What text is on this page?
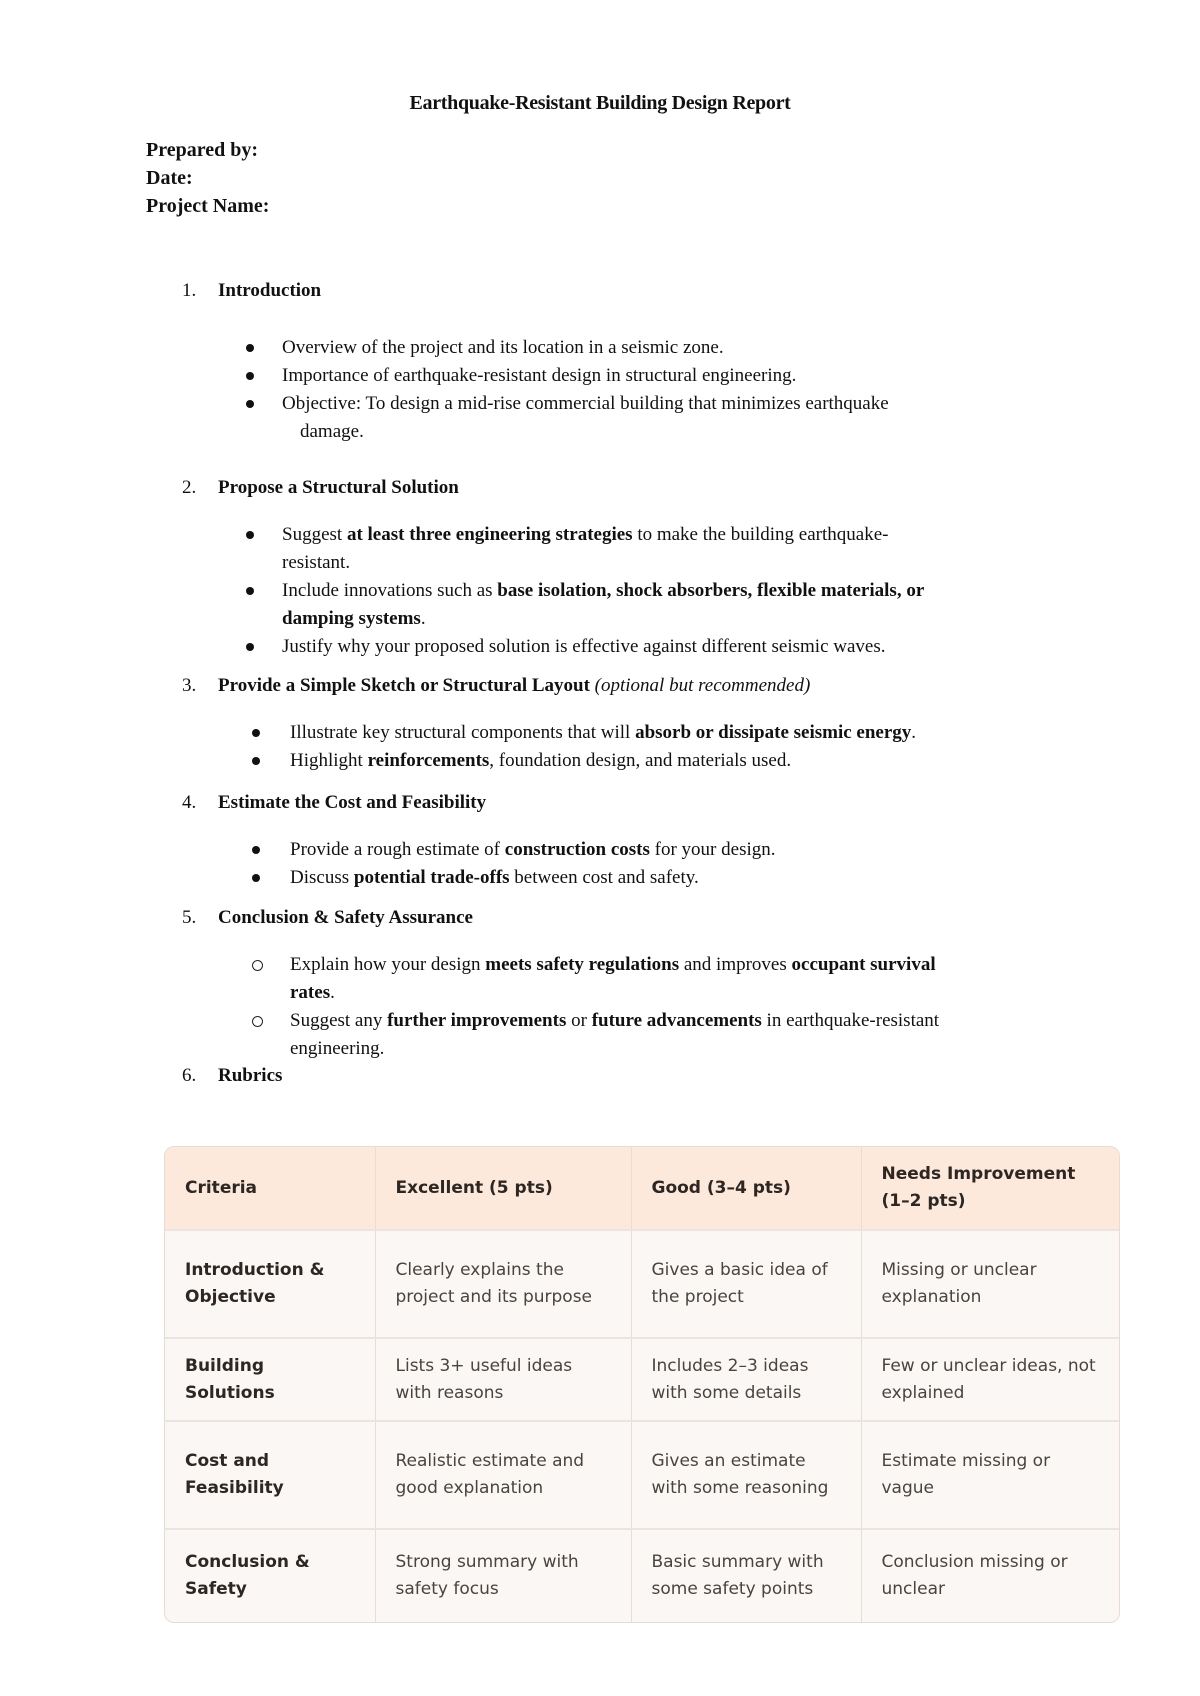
Earthquake-Resistant Building Design Report
Prepared by:
Date:
Project Name:
1. Introduction
Overview of the project and its location in a seismic zone.
Importance of earthquake-resistant design in structural engineering.
Objective: To design a mid-rise commercial building that minimizes earthquake
damage.
2. Propose a Structural Solution
Suggest at least three engineering strategies to make the building earthquake-
resistant.
Include innovations such as base isolation, shock absorbers, flexible materials, or
damping systems.
Justify why your proposed solution is effective against different seismic waves.
3. Provide a Simple Sketch or Structural Layout (optional but recommended)
Illustrate key structural components that will absorb or dissipate seismic energy.
Highlight reinforcements, foundation design, and materials used.
4. Estimate the Cost and Feasibility
Provide a rough estimate of construction costs for your design.
Discuss potential trade-offs between cost and safety.
5. Conclusion & Safety Assurance
Explain how your design meets safety regulations and improves occupant survival
rates.
Suggest any further improvements or future advancements in earthquake-resistant
engineering.
6. Rubrics
Criteria	Excellent (5 pts)	Good (3–4 pts)	Needs Improvement (1–2 pts)
Introduction & Objective	Clearly explains the project and its purpose	Gives a basic idea of the project	Missing or unclear explanation
Building Solutions	Lists 3+ useful ideas with reasons	Includes 2–3 ideas with some details	Few or unclear ideas, not explained
Cost and Feasibility	Realistic estimate and good explanation	Gives an estimate with some reasoning	Estimate missing or vague
Conclusion & Safety	Strong summary with safety focus	Basic summary with some safety points	Conclusion missing or unclear
